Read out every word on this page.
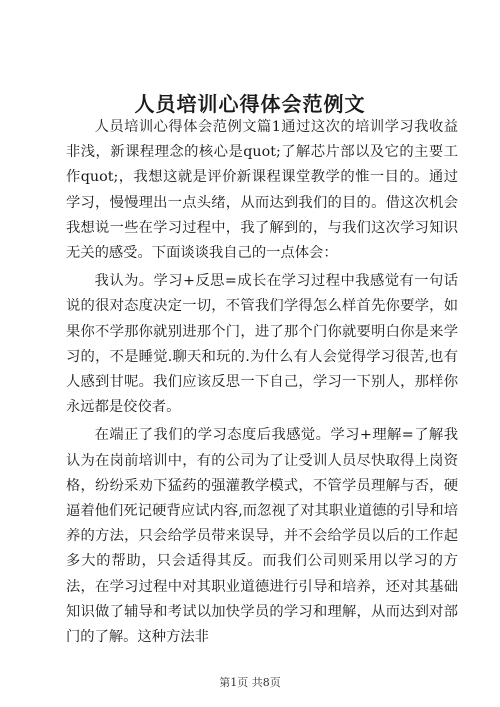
人员培训心得体会范例文

人员培训心得体会范例文篇1通过这次的培训学习我收益非浅，新课程理念的核心是quot;了解芯片部以及它的主要工作quot;，我想这就是评价新课程课堂教学的惟一目的。通过学习，慢慢理出一点头绪，从而达到我们的目的。借这次机会我想说一些在学习过程中，我了解到的，与我们这次学习知识无关的感受。下面谈谈我自己的一点体会：

我认为。学习+反思=成长在学习过程中我感觉有一句话说的很对态度决定一切，不管我们学得怎么样首先你要学，如果你不学那你就别进那个门，进了那个门你就要明白你是来学习的，不是睡觉.聊天和玩的.为什么有人会觉得学习很苦,也有人感到甘呢。我们应该反思一下自己，学习一下别人，那样你永远都是佼佼者。

在端正了我们的学习态度后我感觉。学习+理解=了解我认为在岗前培训中，有的公司为了让受训人员尽快取得上岗资格，纷纷采劝下猛药的强灌教学模式，不管学员理解与否，硬逼着他们死记硬背应试内容,而忽视了对其职业道德的引导和培养的方法，只会给学员带来误导，并不会给学员以后的工作起多大的帮助，只会适得其反。而我们公司则采用以学习的方法，在学习过程中对其职业道德进行引导和培养，还对其基础知识做了辅导和考试以加快学员的学习和理解，从而达到对部门的了解。这种方法非

第1页 共8页
